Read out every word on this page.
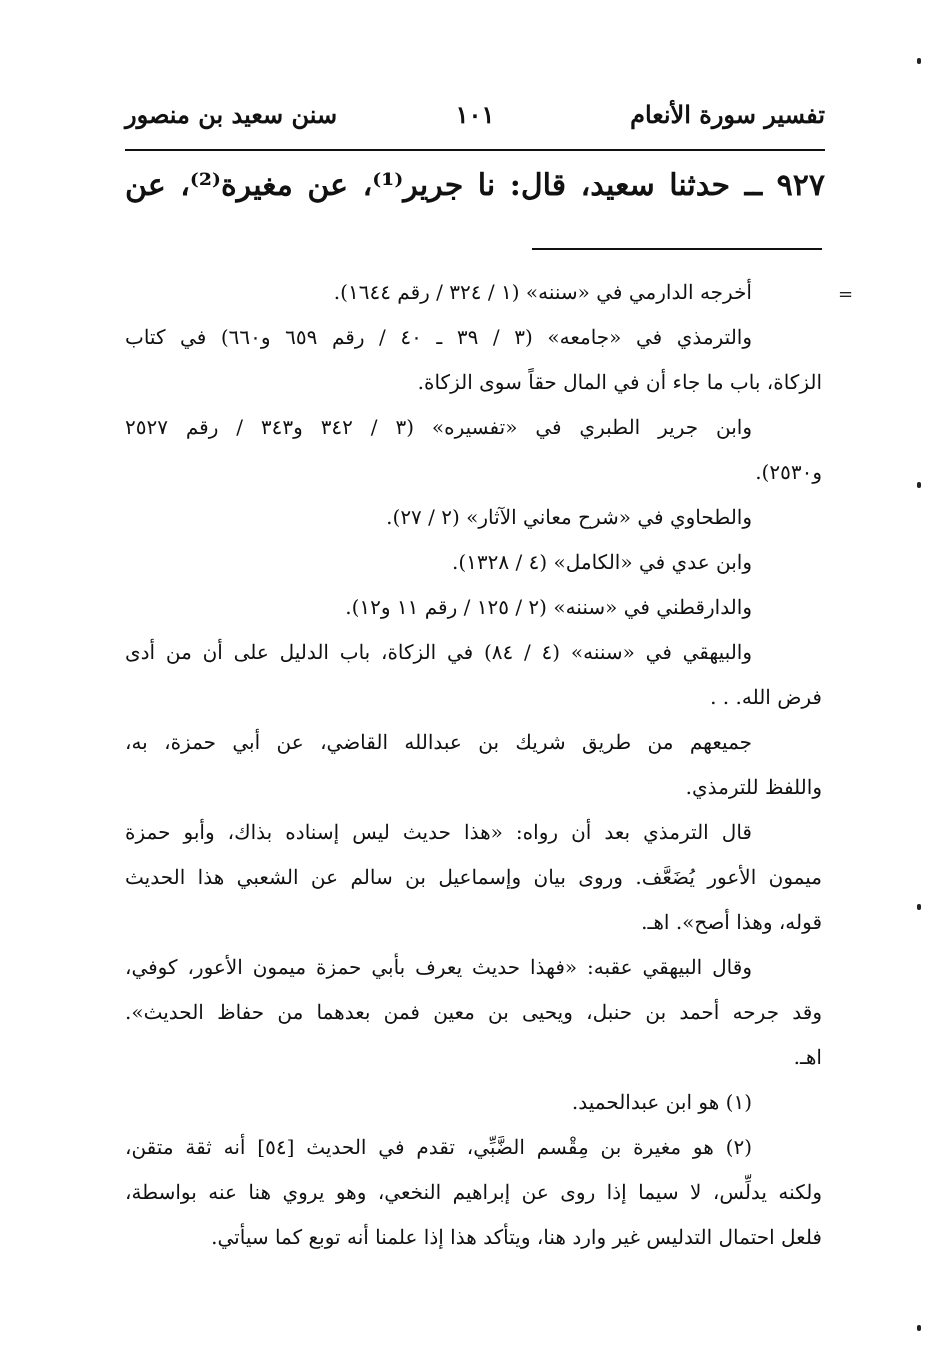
تفسير سورة الأنعام
١٠١
سنن سعيد بن منصور
٩٢٧ ــ حدثنا سعيد، قال: نا جرير⁽¹⁾، عن مغيرة⁽²⁾، عن
=
أخرجه الدارمي في «سننه» (١ / ٣٢٤ / رقم ١٦٤٤).
والترمذي في «جامعه» (٣ / ٣٩ ـ ٤٠ / رقم ٦٥٩ و٦٦٠) في كتاب
الزكاة، باب ما جاء أن في المال حقاً سوى الزكاة.
وابن جرير الطبري في «تفسيره» (٣ / ٣٤٢ و٣٤٣ / رقم ٢٥٢٧
و٢٥٣٠).
والطحاوي في «شرح معاني الآثار» (٢ / ٢٧).
وابن عدي في «الكامل» (٤ / ١٣٢٨).
والدارقطني في «سننه» (٢ / ١٢٥ / رقم ١١ و١٢).
والبيهقي في «سننه» (٤ / ٨٤) في الزكاة، باب الدليل على أن من أدى
فرض الله. . .
جميعهم من طريق شريك بن عبدالله القاضي، عن أبي حمزة، به،
واللفظ للترمذي.
قال الترمذي بعد أن رواه: «هذا حديث ليس إسناده بذاك، وأبو حمزة
ميمون الأعور يُضَعَّف. وروى بيان وإسماعيل بن سالم عن الشعبي هذا الحديث
قوله، وهذا أصح». اهـ.
وقال البيهقي عقبه: «فهذا حديث يعرف بأبي حمزة ميمون الأعور، كوفي،
وقد جرحه أحمد بن حنبل، ويحيى بن معين فمن بعدهما من حفاظ الحديث».
اهـ.
(١) هو ابن عبدالحميد.
(٢) هو مغيرة بن مِقْسم الضَّبِّي، تقدم في الحديث [٥٤] أنه ثقة متقن،
ولكنه يدلِّس، لا سيما إذا روى عن إبراهيم النخعي، وهو يروي هنا عنه بواسطة،
فلعل احتمال التدليس غير وارد هنا، ويتأكد هذا إذا علمنا أنه توبع كما سيأتي.
